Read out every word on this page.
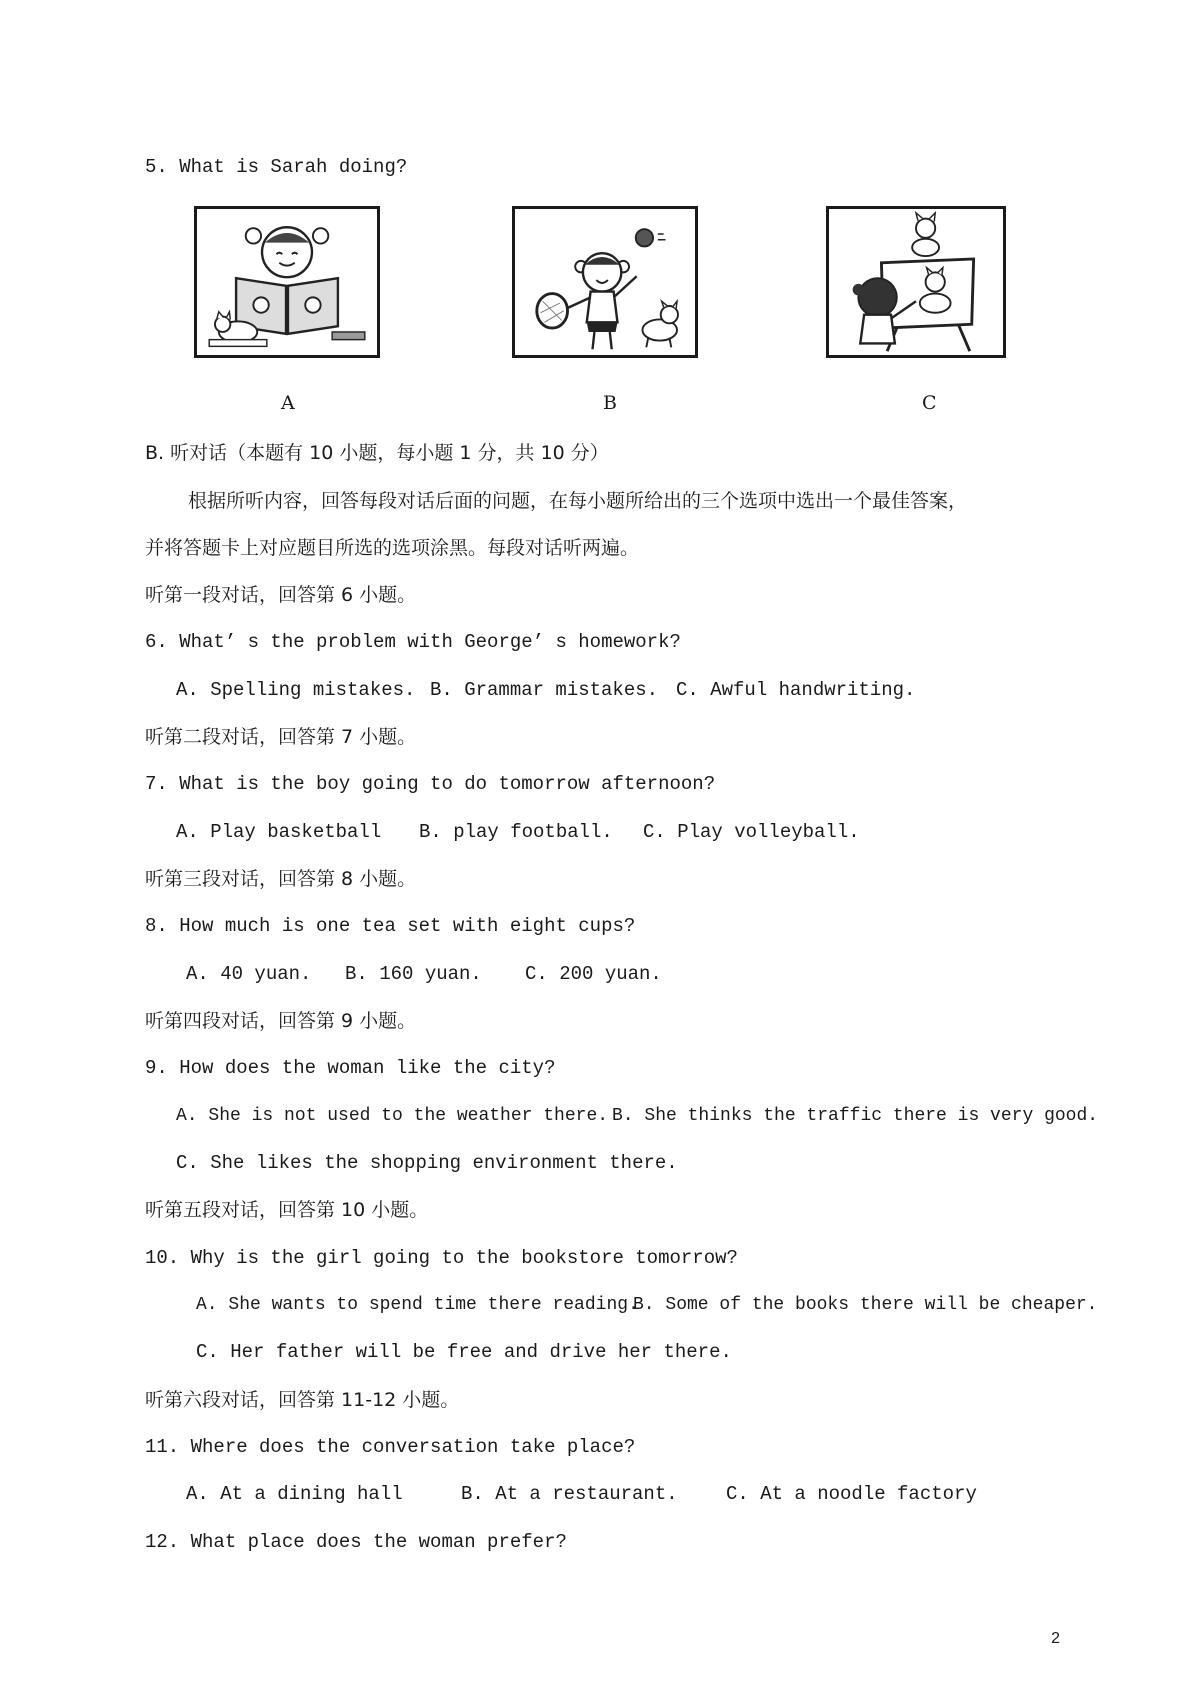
5. What is Sarah doing?
A	B	C
B. 听对话（本题有 10 小题，每小题 1 分，共 10 分）
根据所听内容，回答每段对话后面的问题，在每小题所给出的三个选项中选出一个最佳答案，
并将答题卡上对应题目所选的选项涂黑。每段对话听两遍。
听第一段对话，回答第 6 小题。
6. What’ s the problem with George’ s homework?
A. Spelling mistakes. B. Grammar mistakes. C. Awful handwriting.
听第二段对话，回答第 7 小题。
7. What is the boy going to do tomorrow afternoon?
A. Play basketball B. play football. C. Play volleyball.
听第三段对话，回答第 8 小题。
8. How much is one tea set with eight cups?
A. 40 yuan. B. 160 yuan. C. 200 yuan.
听第四段对话，回答第 9 小题。
9. How does the woman like the city?
A. She is not used to the weather there. B. She thinks the traffic there is very good.
C. She likes the shopping environment there.
听第五段对话，回答第 10 小题。
10. Why is the girl going to the bookstore tomorrow?
A. She wants to spend time there reading.
B. Some of the books there will be cheaper.
C. Her father will be free and drive her there.
听第六段对话，回答第 11-12 小题。
11. Where does the conversation take place?
A. At a dining hall	B. At a restaurant.	C. At a noodle factory
12. What place does the woman prefer?
2
